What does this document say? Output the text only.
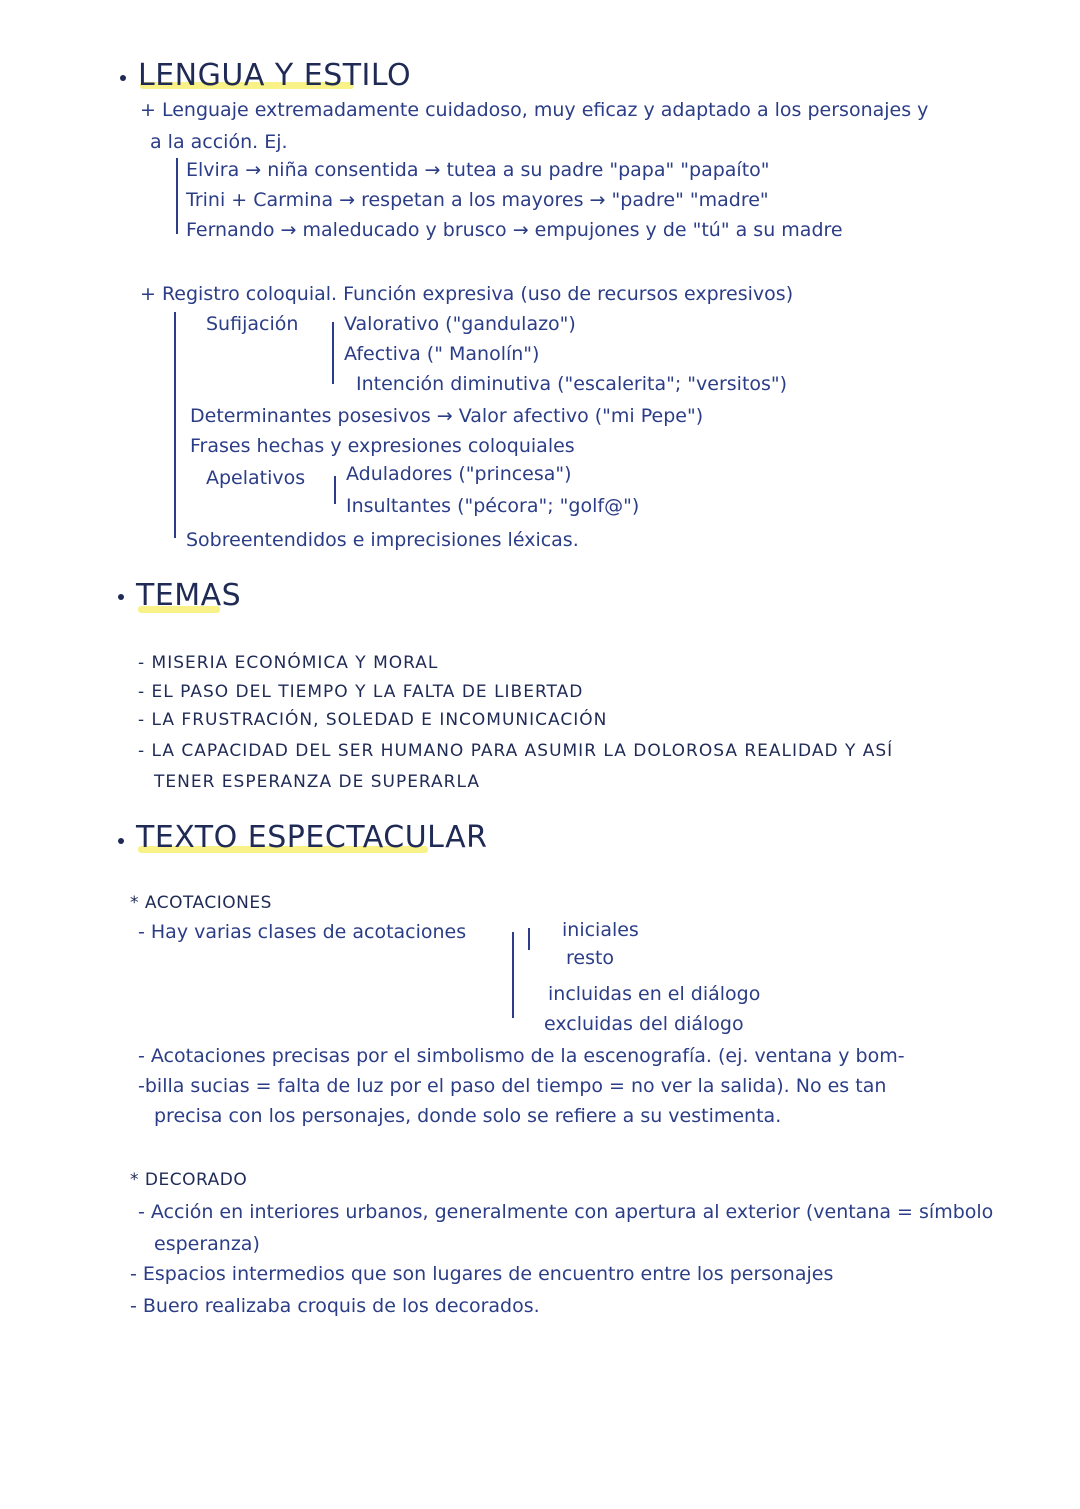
LENGUA Y ESTILO
+ Lenguaje extremadamente cuidadoso, muy eficaz y adaptado a los personajes y
a la acción. Ej.
Elvira → niña consentida → tutea a su padre "papa" "papaíto"
Trini + Carmina → respetan a los mayores → "padre" "madre"
Fernando → maleducado y brusco → empujones y de "tú" a su madre
+ Registro coloquial. Función expresiva (uso de recursos expresivos)
Sufijación Valorativo ("gandulazo")
Afectiva (" Manolín")
Intención diminutiva ("escalerita"; "versitos")
Determinantes posesivos → Valor afectivo ("mi Pepe")
Frases hechas y expresiones coloquiales
Apelativos Aduladores ("princesa")
Insultantes ("pécora"; "golf@")
Sobreentendidos e imprecisiones léxicas.
TEMAS
- MISERIA ECONÓMICA Y MORAL
- EL PASO DEL TIEMPO Y LA FALTA DE LIBERTAD
- LA FRUSTRACIÓN, SOLEDAD E INCOMUNICACIÓN
- LA CAPACIDAD DEL SER HUMANO PARA ASUMIR LA DOLOROSA REALIDAD Y ASÍ
TENER ESPERANZA DE SUPERARLA
TEXTO ESPECTACULAR
* ACOTACIONES
- Hay varias clases de acotaciones	iniciales
resto
incluidas en el diálogo
excluidas del diálogo
- Acotaciones precisas por el simbolismo de la escenografía. (ej. ventana y bom-
-billa sucias = falta de luz por el paso del tiempo = no ver la salida). No es tan
precisa con los personajes, donde solo se refiere a su vestimenta.
* DECORADO
- Acción en interiores urbanos, generalmente con apertura al exterior (ventana = símbolo
esperanza)
- Espacios intermedios que son lugares de encuentro entre los personajes
- Buero realizaba croquis de los decorados.
